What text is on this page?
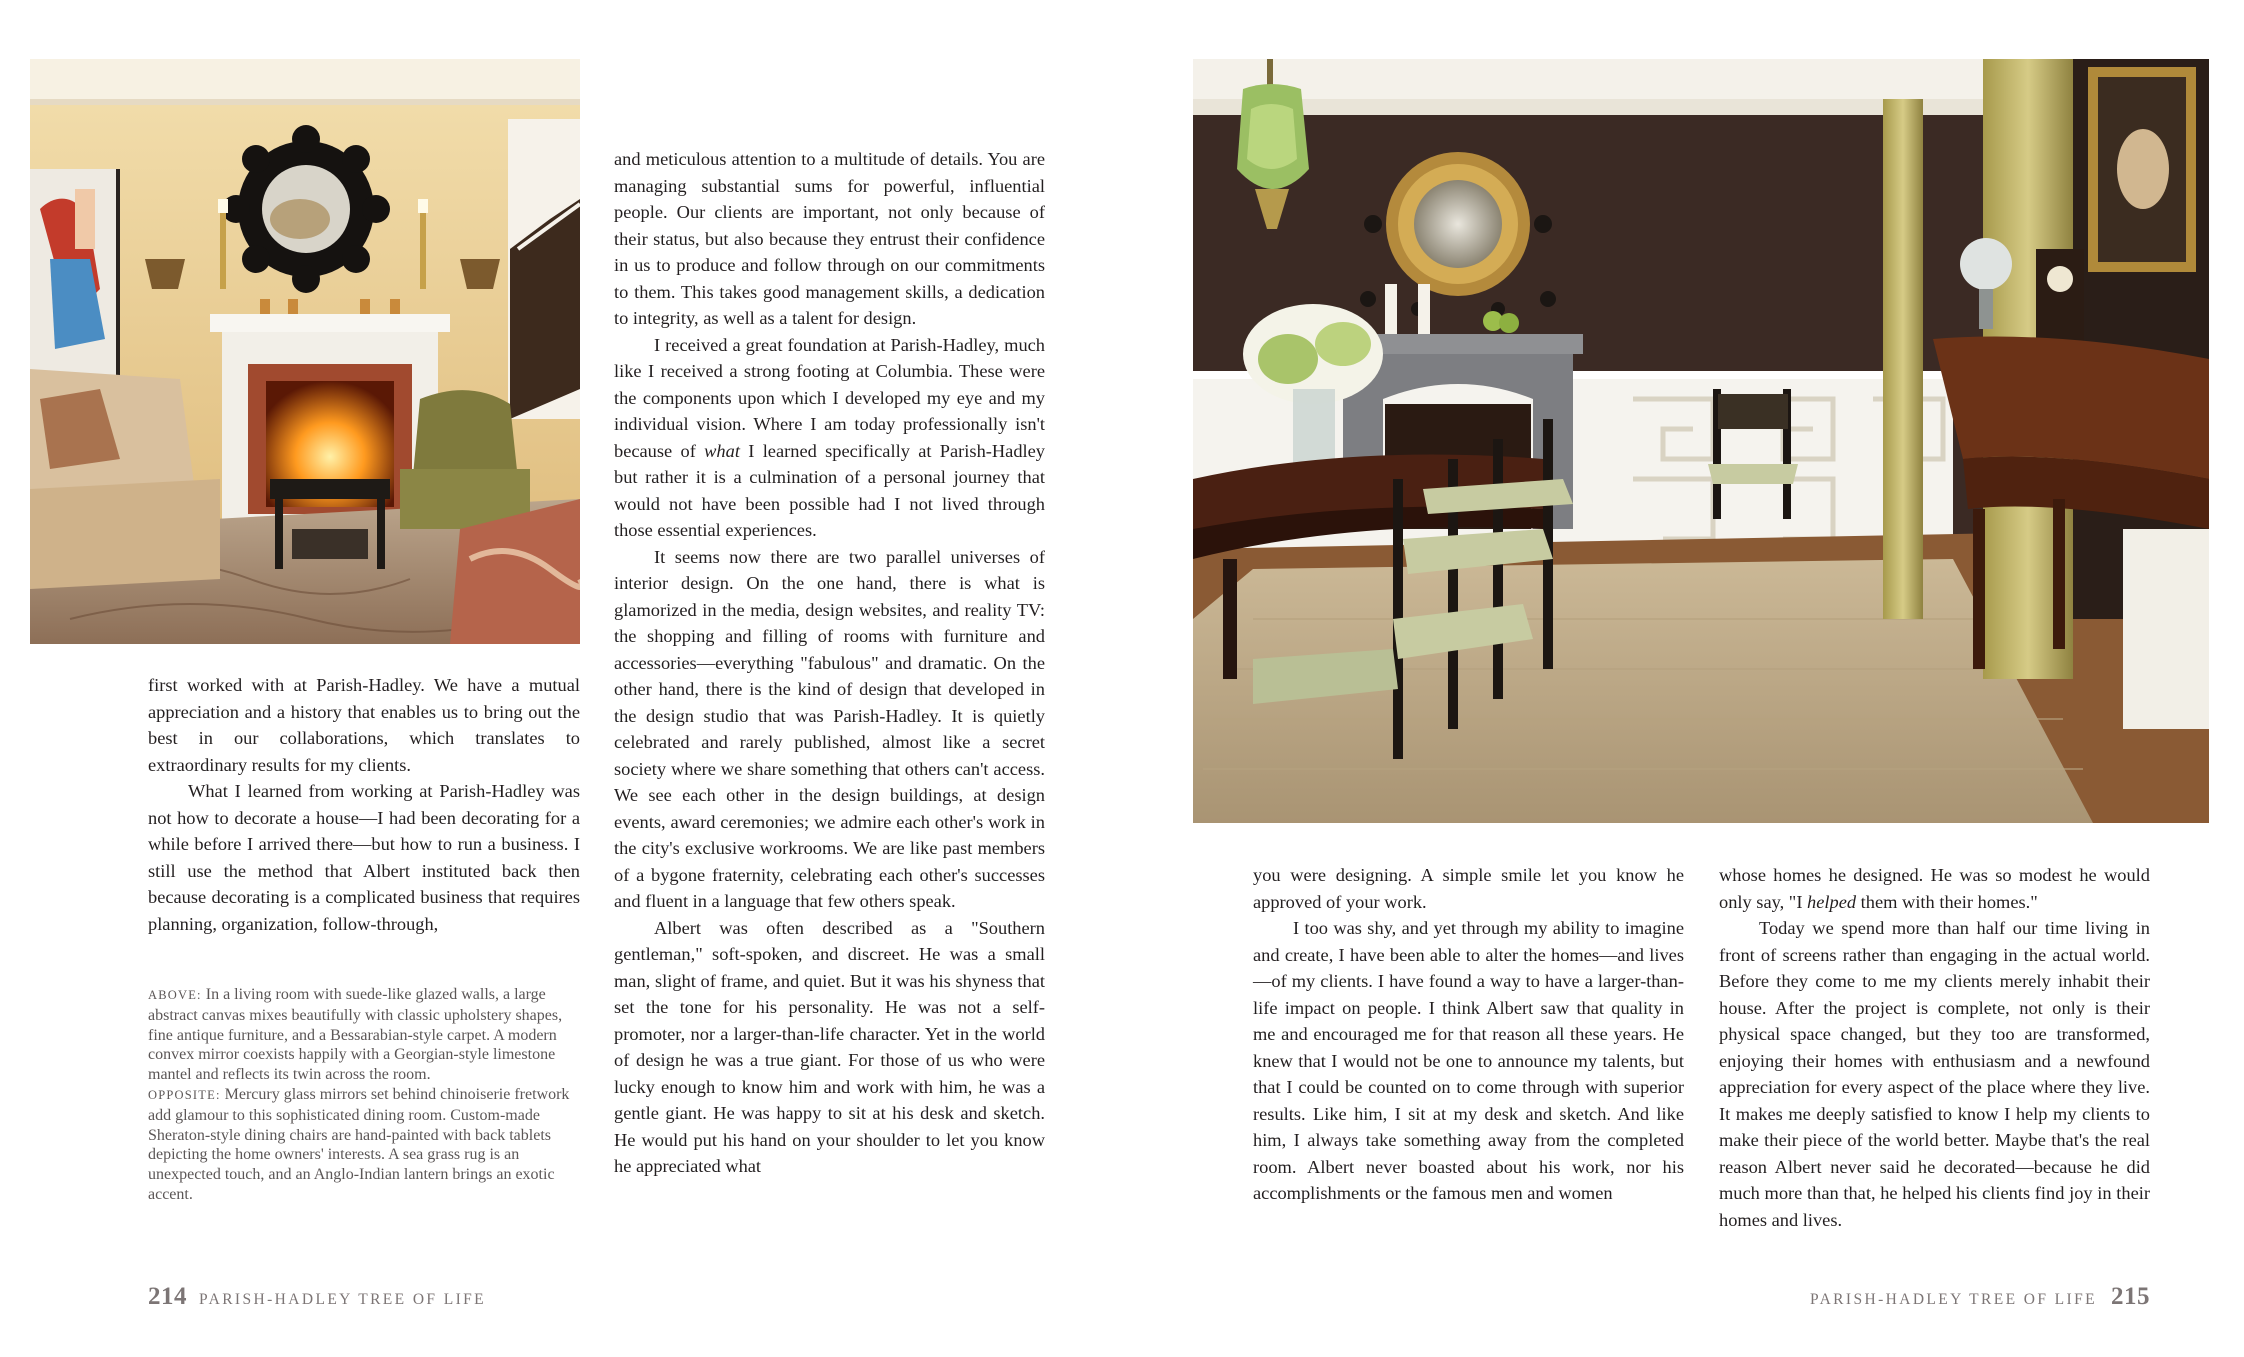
first worked with at Parish-Hadley. We have a mutual appreciation and a history that enables us to bring out the best in our collaborations, which translates to extraordinary results for my clients.

What I learned from working at Parish-Hadley was not how to decorate a house—I had been decorating for a while before I arrived there—but how to run a business. I still use the method that Albert instituted back then because decorating is a complicated business that requires planning, organization, follow-through,

ABOVE: In a living room with suede-like glazed walls, a large abstract canvas mixes beautifully with classic upholstery shapes, fine antique furniture, and a Bessarabian-style carpet. A modern convex mirror coexists happily with a Georgian-style limestone mantel and reflects its twin across the room.

OPPOSITE: Mercury glass mirrors set behind chinoiserie fretwork add glamour to this sophisticated dining room. Custom-made Sheraton-style dining chairs are hand-painted with back tablets depicting the home owners' interests. A sea grass rug is an unexpected touch, and an Anglo-Indian lantern brings an exotic accent.

and meticulous attention to a multitude of details. You are managing substantial sums for powerful, influential people. Our clients are important, not only because of their status, but also because they entrust their confidence in us to produce and follow through on our commitments to them. This takes good management skills, a dedication to integrity, as well as a talent for design.

I received a great foundation at Parish-Hadley, much like I received a strong footing at Columbia. These were the components upon which I developed my eye and my individual vision. Where I am today professionally isn't because of what I learned specifically at Parish-Hadley but rather it is a culmination of a personal journey that would not have been possible had I not lived through those essential experiences.

It seems now there are two parallel universes of interior design. On the one hand, there is what is glamorized in the media, design websites, and reality TV: the shopping and filling of rooms with furniture and accessories—everything "fabulous" and dramatic. On the other hand, there is the kind of design that developed in the design studio that was Parish-Hadley. It is quietly celebrated and rarely published, almost like a secret society where we share something that others can't access. We see each other in the design buildings, at design events, award ceremonies; we admire each other's work in the city's exclusive workrooms. We are like past members of a bygone fraternity, celebrating each other's successes and fluent in a language that few others speak.

Albert was often described as a "Southern gentleman," soft-spoken, and discreet. He was a small man, slight of frame, and quiet. But it was his shyness that set the tone for his personality. He was not a self-promoter, nor a larger-than-life character. Yet in the world of design he was a true giant. For those of us who were lucky enough to know him and work with him, he was a gentle giant. He was happy to sit at his desk and sketch. He would put his hand on your shoulder to let you know he appreciated what

you were designing. A simple smile let you know he approved of your work.

I too was shy, and yet through my ability to imagine and create, I have been able to alter the homes—and lives—of my clients. I have found a way to have a larger-than-life impact on people. I think Albert saw that quality in me and encouraged me for that reason all these years. He knew that I would not be one to announce my talents, but that I could be counted on to come through with superior results. Like him, I sit at my desk and sketch. And like him, I always take something away from the completed room. Albert never boasted about his work, nor his accomplishments or the famous men and women

whose homes he designed. He was so modest he would only say, "I helped them with their homes."

Today we spend more than half our time living in front of screens rather than engaging in the actual world. Before they come to me my clients merely inhabit their house. After the project is complete, not only is their physical space changed, but they too are transformed, enjoying their homes with enthusiasm and a newfound appreciation for every aspect of the place where they live. It makes me deeply satisfied to know I help my clients to make their piece of the world better. Maybe that's the real reason Albert never said he decorated—because he did much more than that, he helped his clients find joy in their homes and lives.

214 PARISH-HADLEY TREE OF LIFE	PARISH-HADLEY TREE OF LIFE 215
